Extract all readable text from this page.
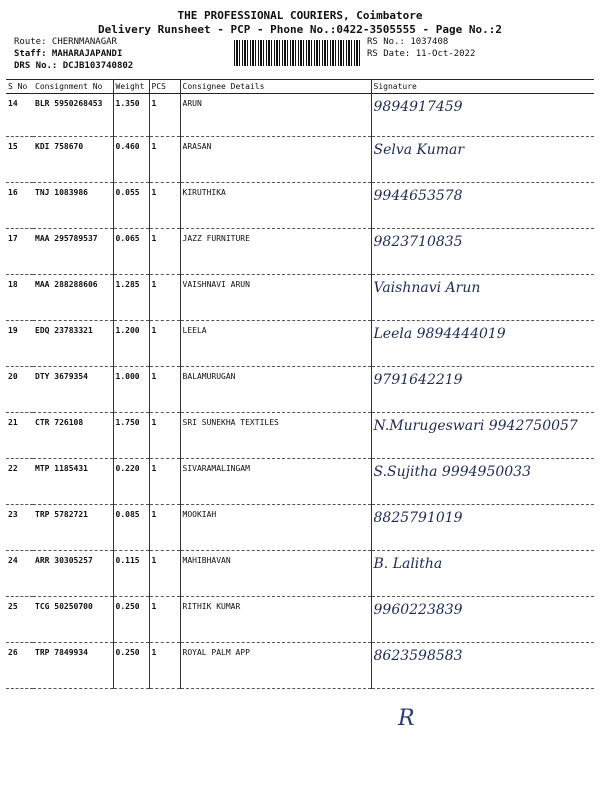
THE PROFESSIONAL COURIERS, Coimbatore
Delivery Runsheet - PCP - Phone No.:0422-3505555 - Page No.:2
Route: CHERNMANAGAR
Staff: MAHARAJAPANDI
DRS No.: DCJB103740802
RS No.: 1037408
RS Date: 11-Oct-2022
S No	Consignment No	Weight	PCS	Consignee Details	Signature
14	BLR 5950268453	1.350	1	ARUN	9894917459
15	KDI 758670	0.460	1	ARASAN	Selva Kumar
16	TNJ 1083986	0.055	1	KIRUTHIKA	9944653578
17	MAA 295789537	0.065	1	JAZZ FURNITURE	9823710835
18	MAA 288288606	1.285	1	VAISHNAVI ARUN	Vaishnavi Arun
19	EDQ 23783321	1.200	1	LEELA	Leela 9894444019
20	DTY 3679354	1.000	1	BALAMURUGAN	9791642219
21	CTR 726108	1.750	1	SRI SUNEKHA TEXTILES	N.Murugeswari 9942750057
22	MTP 1185431	0.220	1	SIVARAMALINGAM	S.Sujitha 9994950033
23	TRP 5782721	0.085	1	MOOKIAH	8825791019
24	ARR 30305257	0.115	1	MAHIBHAVAN	B. Lalitha
25	TCG 50250700	0.250	1	RITHIK KUMAR	9960223839
26	TRP 7849934	0.250	1	ROYAL PALM APP	8623598583
R
